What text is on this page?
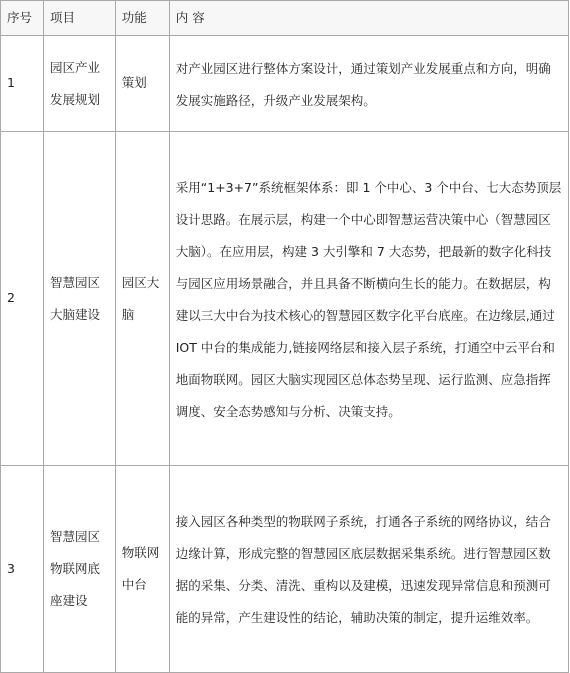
序号	项目	功能	内 容
1	园区产业发展规划	策划	对产业园区进行整体方案设计，通过策划产业发展重点和方向，明确发展实施路径，升级产业发展架构。
2	智慧园区大脑建设	园区大脑	采用“1+3+7”系统框架体系：即 1 个中心、3 个中台、七大态势顶层设计思路。在展示层，构建一个中心即智慧运营决策中心（智慧园区大脑）。在应用层，构建 3 大引擎和 7 大态势，把最新的数字化科技与园区应用场景融合，并且具备不断横向生长的能力。在数据层，构建以三大中台为技术核心的智慧园区数字化平台底座。在边缘层,通过 IOT 中台的集成能力,链接网络层和接入层子系统，打通空中云平台和地面物联网。园区大脑实现园区总体态势呈现、运行监测、应急指挥调度、安全态势感知与分析、决策支持。
3	智慧园区物联网底座建设	物联网中台	接入园区各种类型的物联网子系统，打通各子系统的网络协议，结合边缘计算，形成完整的智慧园区底层数据采集系统。进行智慧园区数据的采集、分类、清洗、重构以及建模，迅速发现异常信息和预测可能的异常，产生建设性的结论，辅助决策的制定，提升运维效率。
